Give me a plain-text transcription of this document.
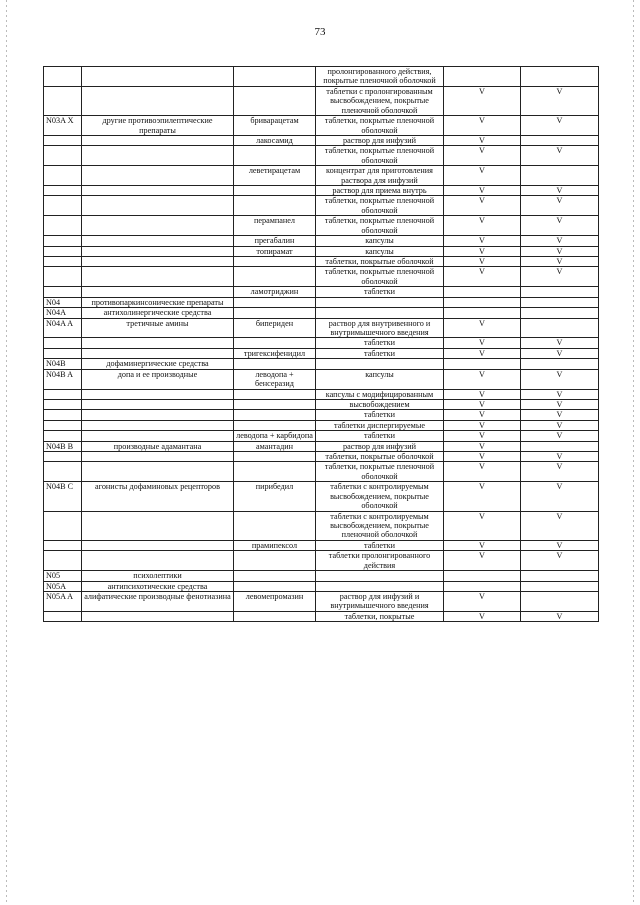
73
			пролонгированного действия, покрытые пленочной оболочкой		
			таблетки с пролонгированным высвобождением, покрытые пленочной оболочкой	V	V
N03A X	другие противоэпилептические препараты	бриварацетам	таблетки, покрытые пленочной оболочкой	V	V
		лакосамид	раствор для инфузий	V	
			таблетки, покрытые пленочной оболочкой	V	V
		леветирацетам	концентрат для приготовления раствора для инфузий	V	
			раствор для приема внутрь	V	V
			таблетки, покрытые пленочной оболочкой	V	V
		перампанел	таблетки, покрытые пленочной оболочкой	V	V
		прегабалин	капсулы	V	V
		топирамат	капсулы	V	V
			таблетки, покрытые оболочкой	V	V
			таблетки, покрытые пленочной оболочкой	V	V
		ламотриджин	таблетки		
N04	противопаркинсонические препараты				
N04A	антихолинергические средства				
N04A A	третичные амины	бипериден	раствор для внутривенного и внутримышечного введения	V	
			таблетки	V	V
		тригексифенидил	таблетки	V	V
N04B	дофаминергические средства				
N04B A	допа и ее производные	леводопа + бенсеразид	капсулы	V	V
			капсулы с модифицированным	V	V
			высвобождением	V	V
			таблетки	V	V
			таблетки диспергируемые	V	V
		леводопа + карбидопа	таблетки	V	V
N04B B	производные адамантана	амантадин	раствор для инфузий	V	
			таблетки, покрытые оболочкой	V	V
			таблетки, покрытые пленочной оболочкой	V	V
N04B C	агонисты дофаминовых рецепторов	пирибедил	таблетки с контролируемым высвобождением, покрытые оболочкой	V	V
			таблетки с контролируемым высвобождением, покрытые пленочной оболочкой	V	V
		прамипексол	таблетки	V	V
			таблетки пролонгированного действия	V	V
N05	психолептики				
N05A	антипсихотические средства				
N05A A	алифатические производные фенотиазина	левомепромазин	раствор для инфузий и внутримышечного введения	V	
			таблетки, покрытые	V	V
